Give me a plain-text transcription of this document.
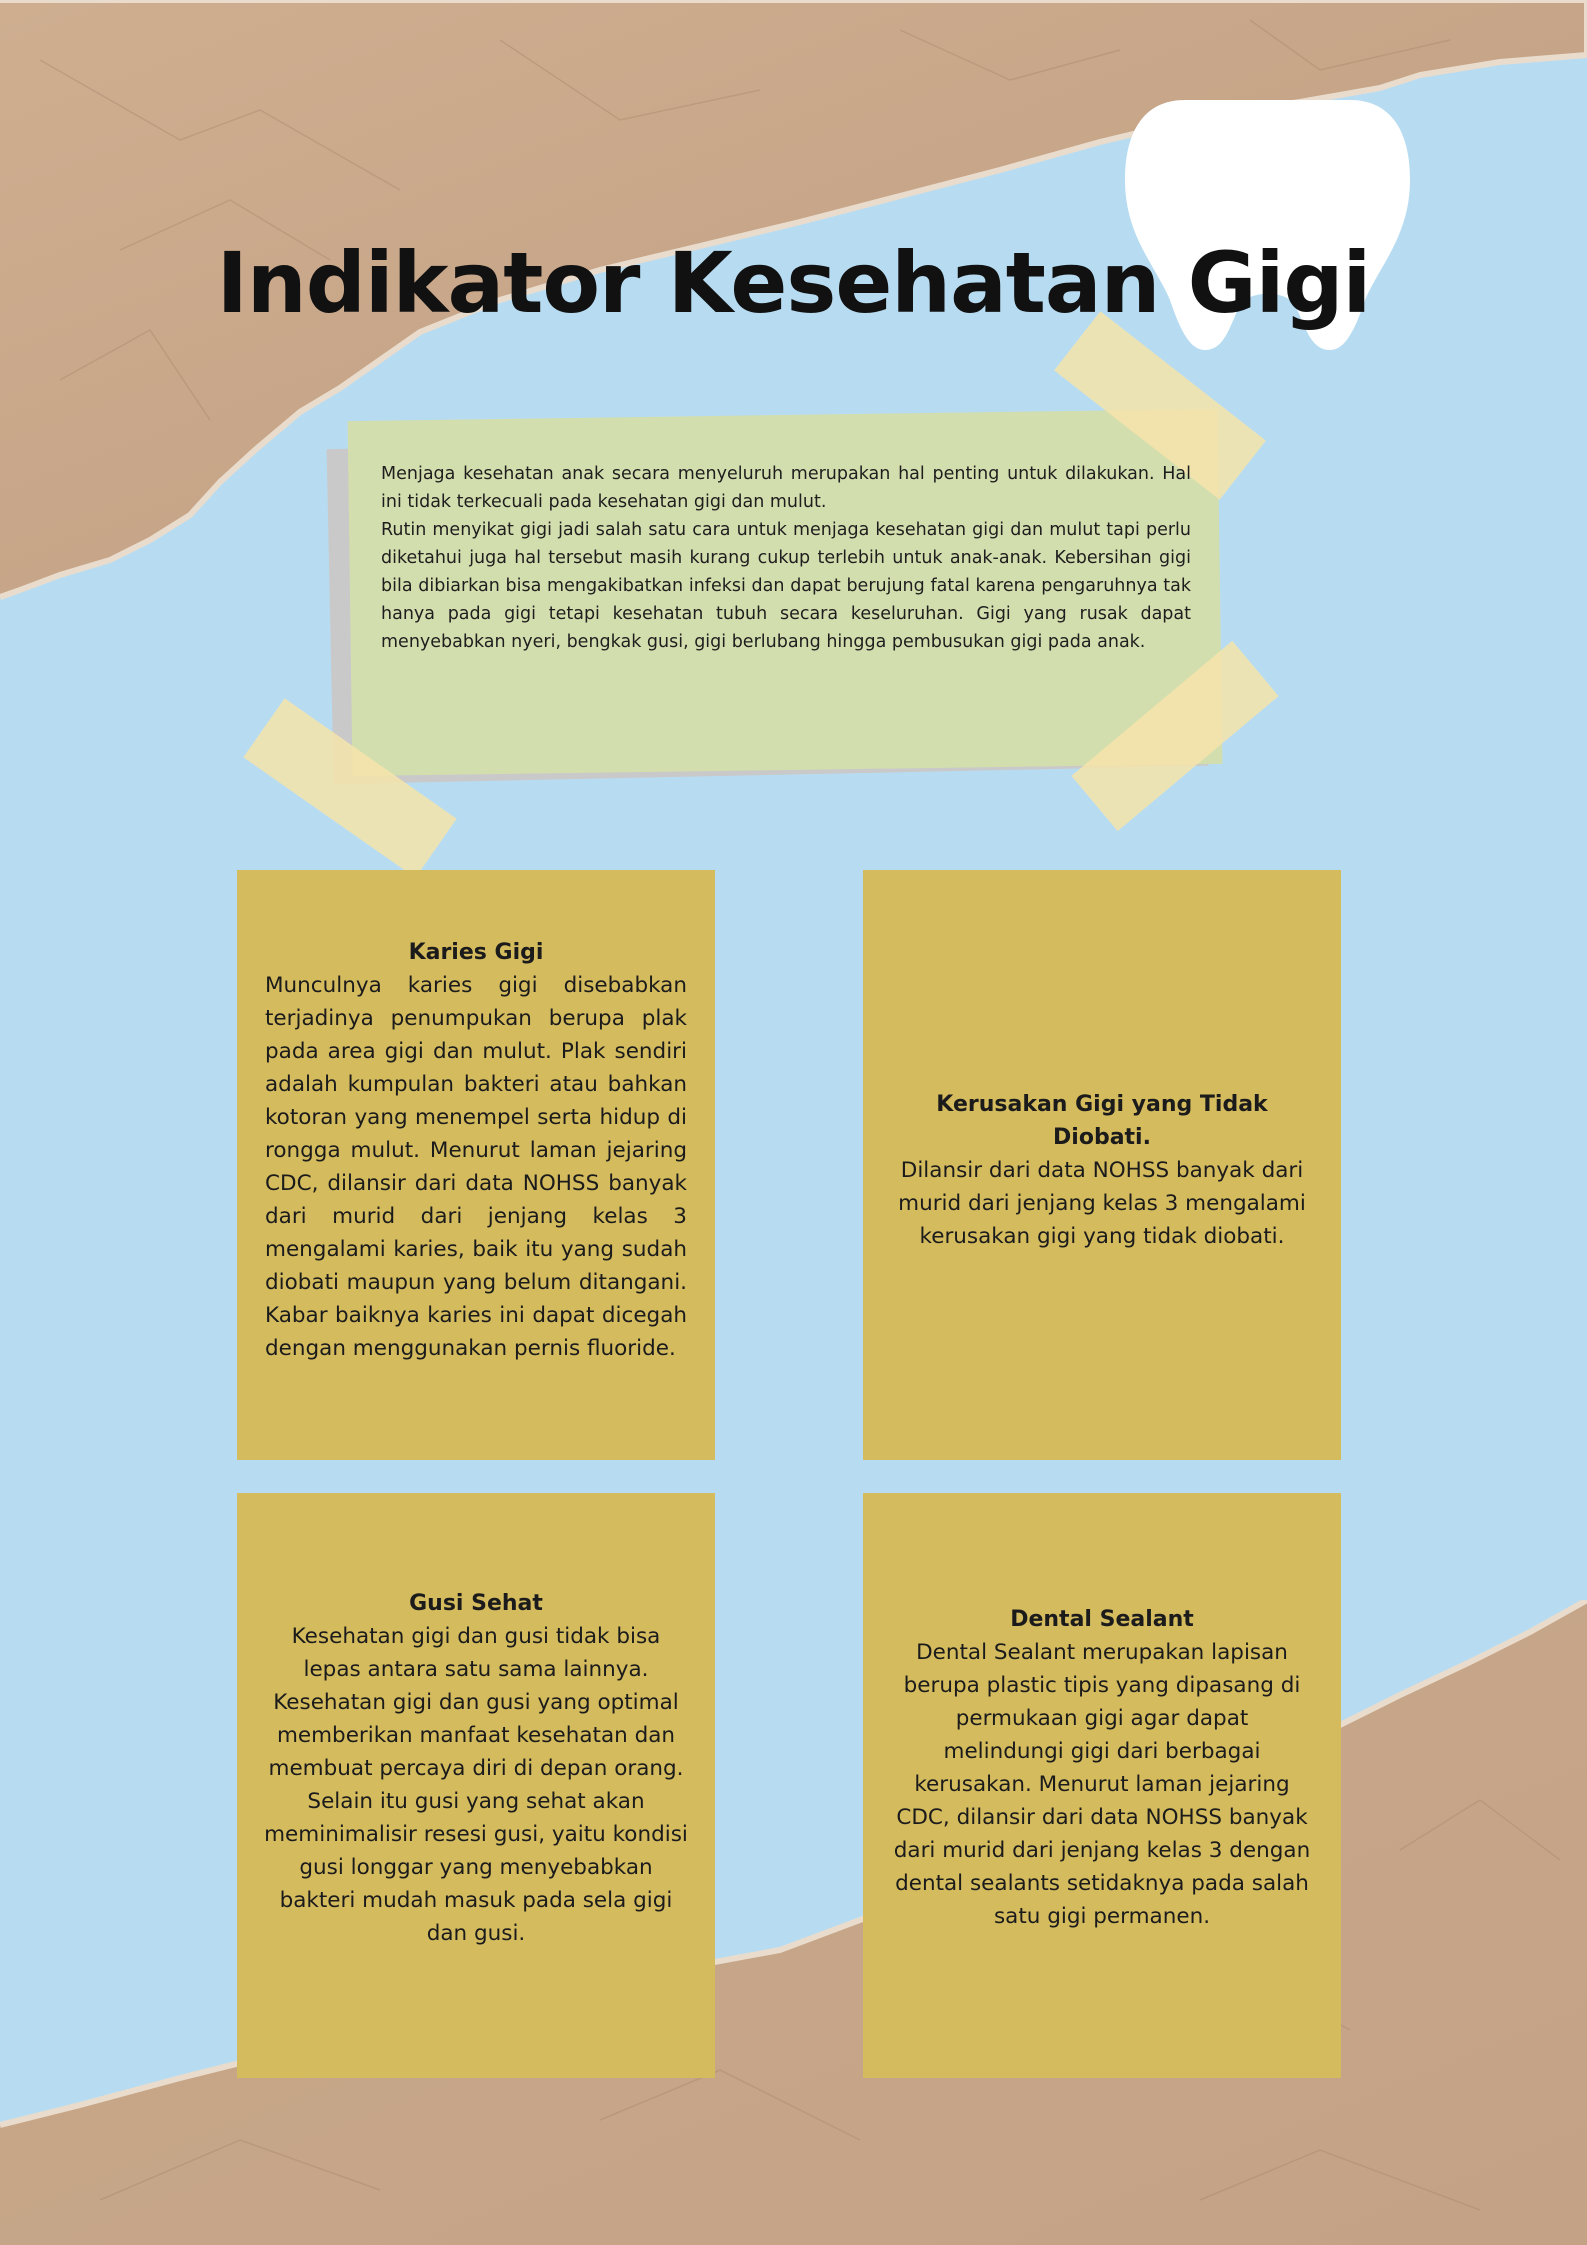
Indikator Kesehatan Gigi

Menjaga kesehatan anak secara menyeluruh merupakan hal penting untuk dilakukan. Hal ini tidak terkecuali pada kesehatan gigi dan mulut.

Rutin menyikat gigi jadi salah satu cara untuk menjaga kesehatan gigi dan mulut tapi perlu diketahui juga hal tersebut masih kurang cukup terlebih untuk anak-anak. Kebersihan gigi bila dibiarkan bisa mengakibatkan infeksi dan dapat berujung fatal karena pengaruhnya tak hanya pada gigi tetapi kesehatan tubuh secara keseluruhan. Gigi yang rusak dapat menyebabkan nyeri, bengkak gusi, gigi berlubang hingga pembusukan gigi pada anak.

Karies Gigi

Munculnya karies gigi disebabkan terjadinya penumpukan berupa plak pada area gigi dan mulut. Plak sendiri adalah kumpulan bakteri atau bahkan kotoran yang menempel serta hidup di rongga mulut. Menurut laman jejaring CDC, dilansir dari data NOHSS banyak dari murid dari jenjang kelas 3 mengalami karies, baik itu yang sudah diobati maupun yang belum ditangani. Kabar baiknya karies ini dapat dicegah dengan menggunakan pernis fluoride.

Kerusakan Gigi yang Tidak Diobati.

Dilansir dari data NOHSS banyak dari murid dari jenjang kelas 3 mengalami kerusakan gigi yang tidak diobati.

Gusi Sehat

Kesehatan gigi dan gusi tidak bisa lepas antara satu sama lainnya. Kesehatan gigi dan gusi yang optimal memberikan manfaat kesehatan dan membuat percaya diri di depan orang. Selain itu gusi yang sehat akan meminimalisir resesi gusi, yaitu kondisi gusi longgar yang menyebabkan bakteri mudah masuk pada sela gigi dan gusi.

Dental Sealant

Dental Sealant merupakan lapisan berupa plastic tipis yang dipasang di permukaan gigi agar dapat melindungi gigi dari berbagai kerusakan. Menurut laman jejaring CDC, dilansir dari data NOHSS banyak dari murid dari jenjang kelas 3 dengan dental sealants setidaknya pada salah satu gigi permanen.
